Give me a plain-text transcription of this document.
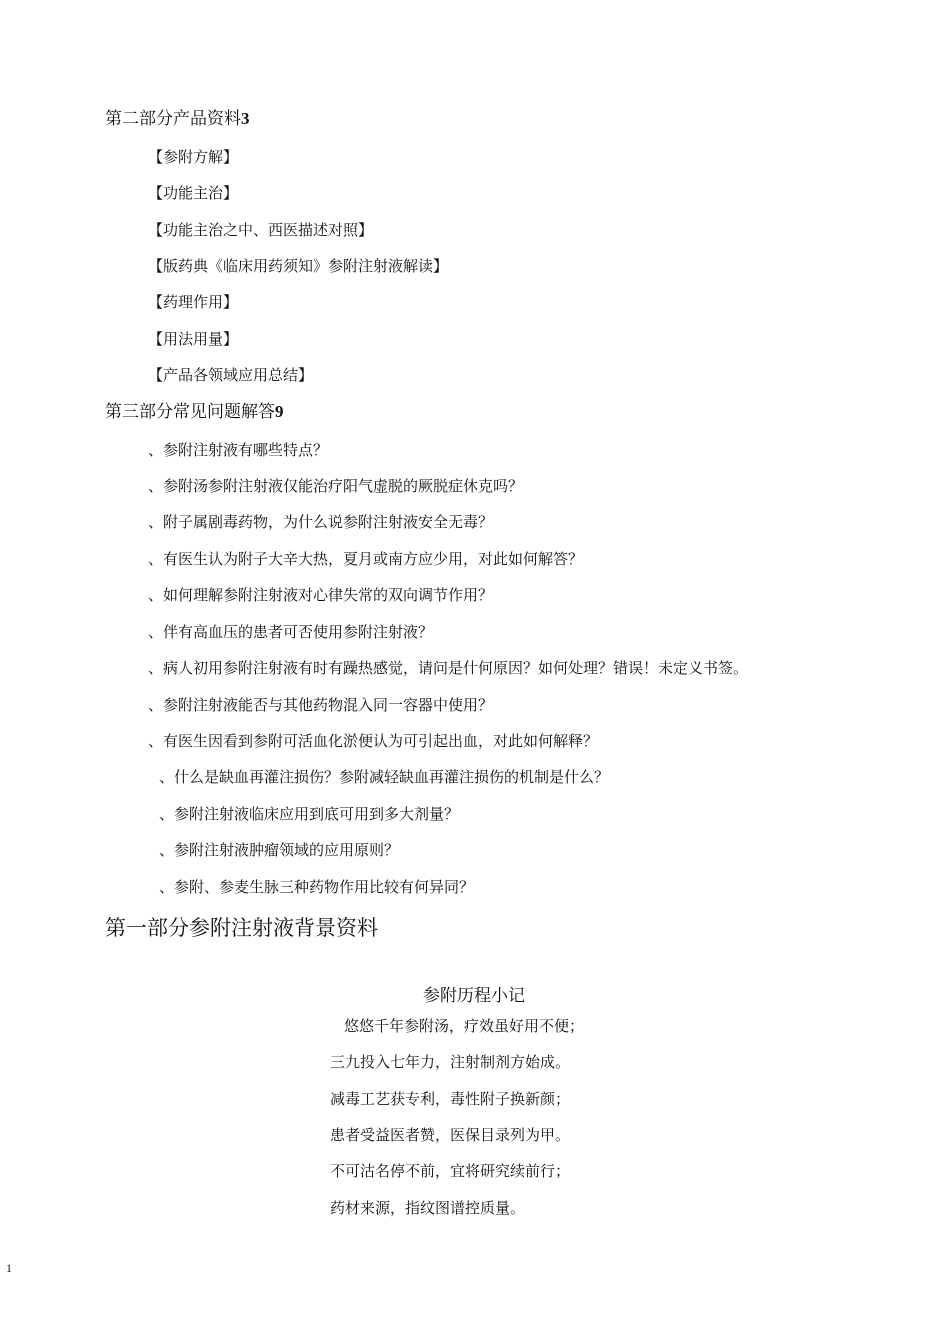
第二部分产品资料3
【参附方解】
【功能主治】
【功能主治之中、西医描述对照】
【版药典《临床用药须知》参附注射液解读】
【药理作用】
【用法用量】
【产品各领域应用总结】
第三部分常见问题解答9
、参附注射液有哪些特点？
、参附汤参附注射液仅能治疗阳气虚脱的厥脱症休克吗？
、附子属剧毒药物，为什么说参附注射液安全无毒？
、有医生认为附子大辛大热，夏月或南方应少用，对此如何解答？
、如何理解参附注射液对心律失常的双向调节作用？
、伴有高血压的患者可否使用参附注射液？
、病人初用参附注射液有时有躁热感觉，请问是什何原因？如何处理？错误！未定义书签。
、参附注射液能否与其他药物混入同一容器中使用？
、有医生因看到参附可活血化淤便认为可引起出血，对此如何解释？
、什么是缺血再灌注损伤？参附减轻缺血再灌注损伤的机制是什么？
、参附注射液临床应用到底可用到多大剂量？
、参附注射液肿瘤领域的应用原则？
、参附、参麦生脉三种药物作用比较有何异同？
第一部分参附注射液背景资料
参附历程小记
悠悠千年参附汤，疗效虽好用不便；
三九投入七年力，注射制剂方始成。
减毒工艺获专利，毒性附子换新颜；
患者受益医者赞，医保目录列为甲。
不可沽名停不前，宜将研究续前行；
药材来源，指纹图谱控质量。
1
